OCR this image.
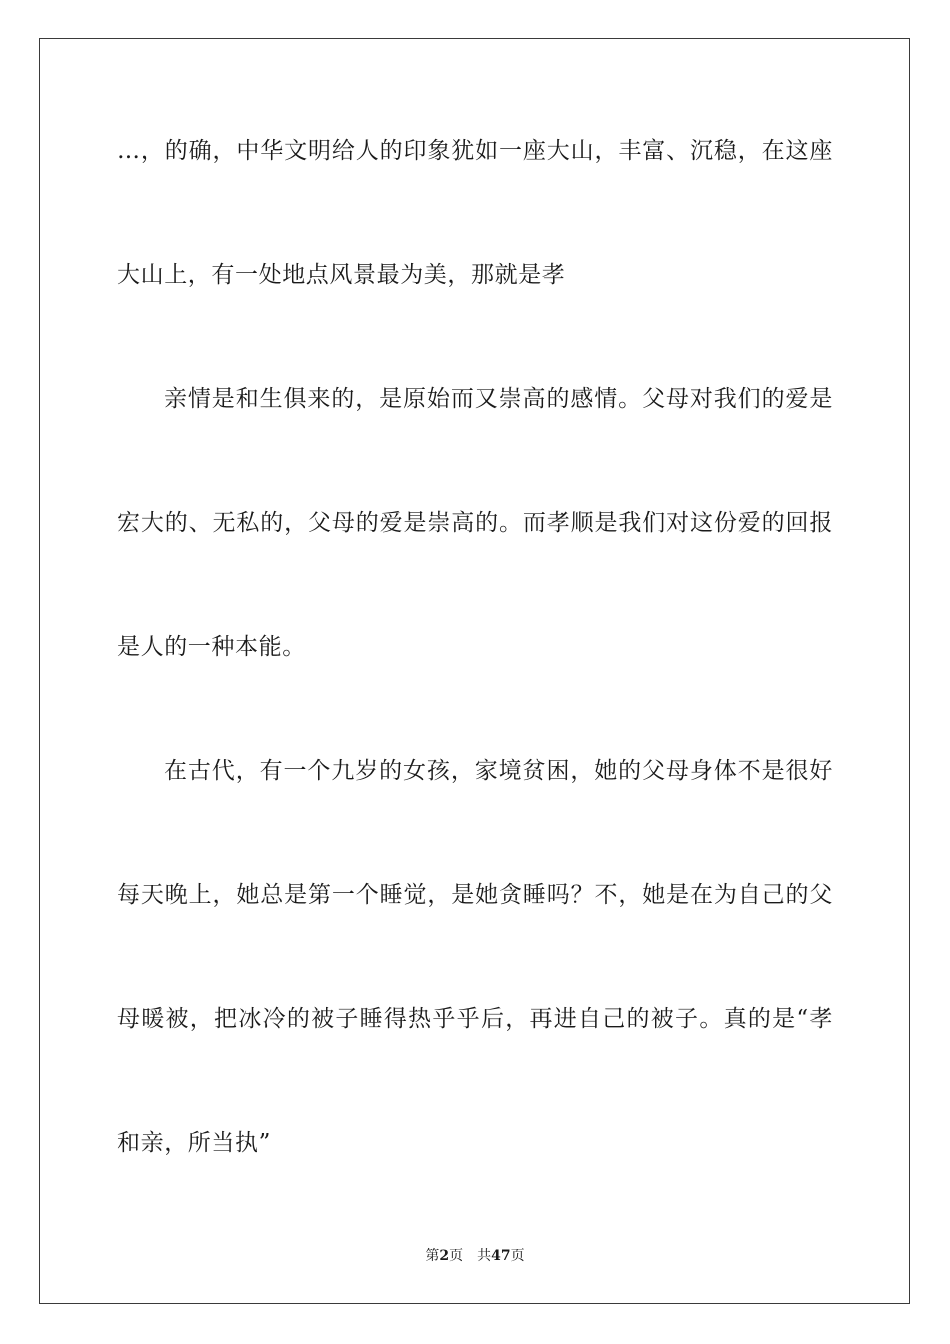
…，的确，中华文明给人的印象犹如一座大山，丰富、沉稳，在这座
大山上，有一处地点风景最为美，那就是孝
亲情是和生俱来的，是原始而又崇高的感情。父母对我们的爱是
宏大的、无私的，父母的爱是崇高的。而孝顺是我们对这份爱的回报
是人的一种本能。
在古代，有一个九岁的女孩，家境贫困，她的父母身体不是很好
每天晚上，她总是第一个睡觉，是她贪睡吗？不，她是在为自己的父
母暖被，把冰冷的被子睡得热乎乎后，再进自己的被子。真的是“孝
和亲，所当执”
第2页 共47页
